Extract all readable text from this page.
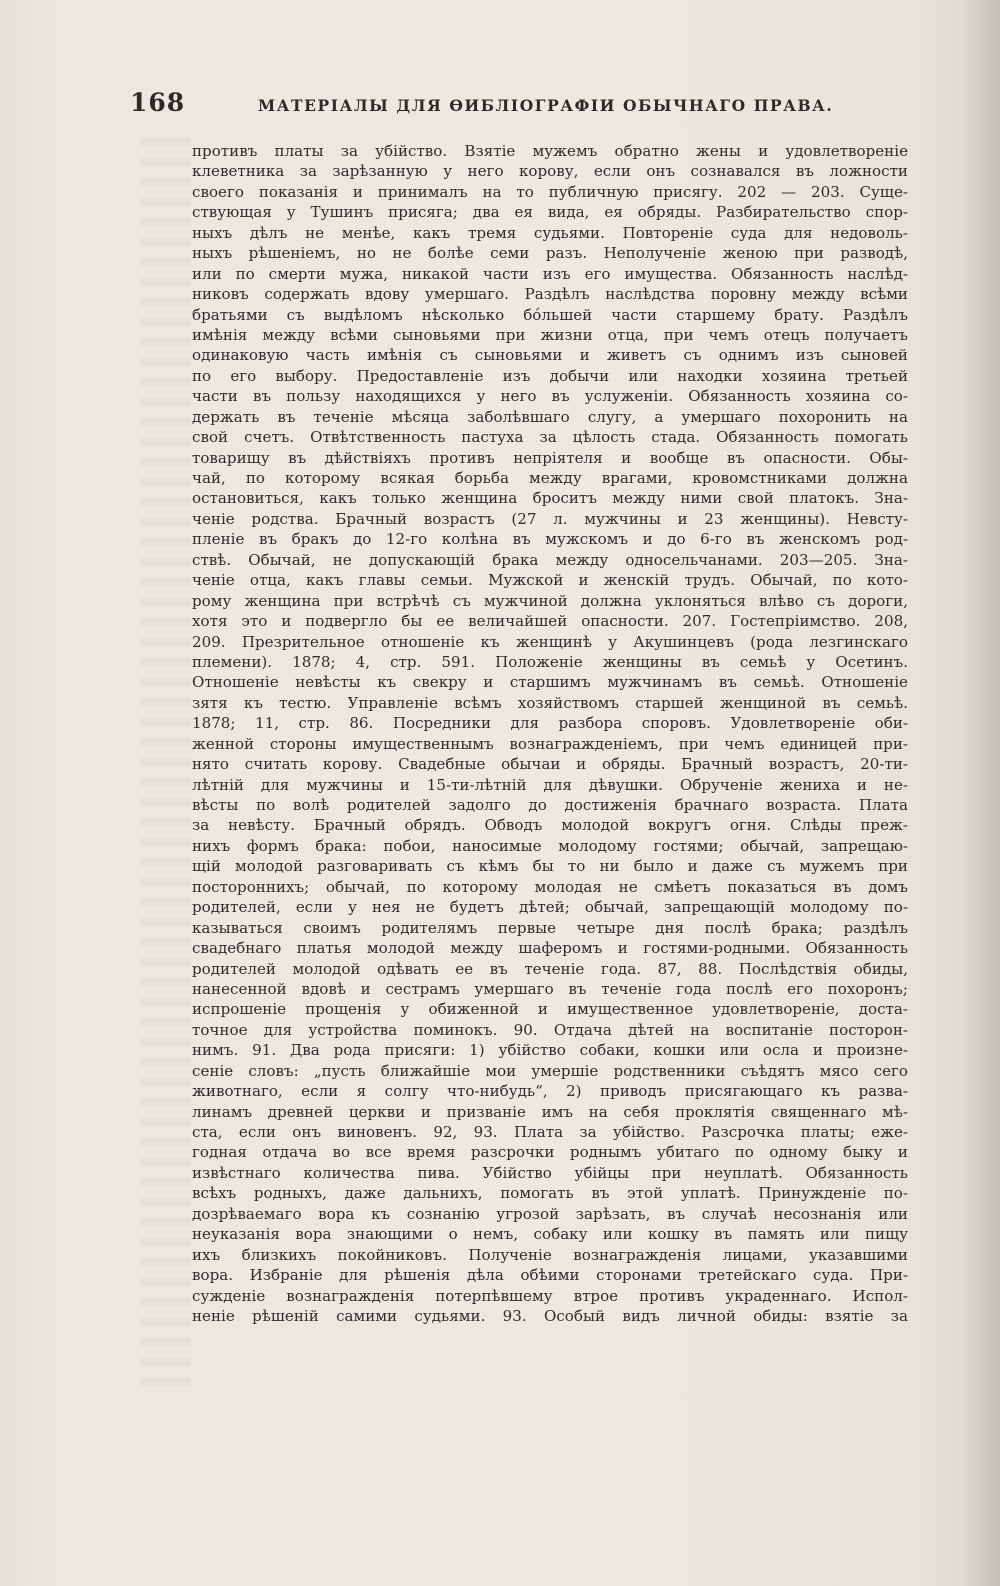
168	МАТЕРIАЛЫ ДЛЯ ѲИБЛIОГРАФIИ ОБЫЧНАГО ПРАВА.
противъ платы за убійство. Взятіе мужемъ обратно жены и удовлетвореніе
клеветника за зарѣзанную у него корову, если онъ сознавался въ ложности
своего показанія и принималъ на то публичную присягу. 202 — 203. Суще-
ствующая у Тушинъ присяга; два ея вида, ея обряды. Разбирательство спор-
ныхъ дѣлъ не менѣе, какъ тремя судьями. Повтореніе суда для недоволь-
ныхъ рѣшеніемъ, но не болѣе семи разъ. Неполученіе женою при разводѣ,
или по смерти мужа, никакой части изъ его имущества. Обязанность наслѣд-
никовъ содержать вдову умершаго. Раздѣлъ наслѣдства поровну между всѣми
братьями съ выдѣломъ нѣсколько бо́льшей части старшему брату. Раздѣлъ
имѣнія между всѣми сыновьями при жизни отца, при чемъ отецъ получаетъ
одинаковую часть имѣнія съ сыновьями и живетъ съ однимъ изъ сыновей
по его выбору. Предоставленіе изъ добычи или находки хозяина третьей
части въ пользу находящихся у него въ услуженіи. Обязанность хозяина со-
держать въ теченіе мѣсяца заболѣвшаго слугу, а умершаго похоронить на
свой счетъ. Отвѣтственность пастуха за цѣлость стада. Обязанность помогать
товарищу въ дѣйствіяхъ противъ непріятеля и вообще въ опасности. Обы-
чай, по которому всякая борьба между врагами, кровомстниками должна
остановиться, какъ только женщина броситъ между ними свой платокъ. Зна-
ченіе родства. Брачный возрастъ (27 л. мужчины и 23 женщины). Невсту-
пленіе въ бракъ до 12-го колѣна въ мужскомъ и до 6-го въ женскомъ род-
ствѣ. Обычай, не допускающій брака между односельчанами. 203—205. Зна-
ченіе отца, какъ главы семьи. Мужской и женскій трудъ. Обычай, по кото-
рому женщина при встрѣчѣ съ мужчиной должна уклоняться влѣво съ дороги,
хотя это и подвергло бы ее величайшей опасности. 207. Гостепріимство. 208,
209. Презрительное отношеніе къ женщинѣ у Акушинцевъ (рода лезгинскаго
племени). 1878; 4, стр. 591. Положеніе женщины въ семьѣ у Осетинъ.
Отношеніе невѣсты къ свекру и старшимъ мужчинамъ въ семьѣ. Отношеніе
зятя къ тестю. Управленіе всѣмъ хозяйствомъ старшей женщиной въ семьѣ.
1878; 11, стр. 86. Посредники для разбора споровъ. Удовлетвореніе оби-
женной стороны имущественнымъ вознагражденіемъ, при чемъ единицей при-
нято считать корову. Свадебные обычаи и обряды. Брачный возрастъ, 20-ти-
лѣтній для мужчины и 15-ти-лѣтній для дѣвушки. Обрученіе жениха и не-
вѣсты по волѣ родителей задолго до достиженія брачнаго возраста. Плата
за невѣсту. Брачный обрядъ. Обводъ молодой вокругъ огня. Слѣды преж-
нихъ формъ брака: побои, наносимые молодому гостями; обычай, запрещаю-
щій молодой разговаривать съ кѣмъ бы то ни было и даже съ мужемъ при
постороннихъ; обычай, по которому молодая не смѣетъ показаться въ домъ
родителей, если у нея не будетъ дѣтей; обычай, запрещающій молодому по-
казываться своимъ родителямъ первые четыре дня послѣ брака; раздѣлъ
свадебнаго платья молодой между шаферомъ и гостями-родными. Обязанность
родителей молодой одѣвать ее въ теченіе года. 87, 88. Послѣдствія обиды,
нанесенной вдовѣ и сестрамъ умершаго въ теченіе года послѣ его похоронъ;
испрошеніе прощенія у обиженной и имущественное удовлетвореніе, доста-
точное для устройства поминокъ. 90. Отдача дѣтей на воспитаніе посторон-
нимъ. 91. Два рода присяги: 1) убійство собаки, кошки или осла и произне-
сеніе словъ: „пусть ближайшіе мои умершіе родственники съѣдятъ мясо сего
животнаго, если я солгу что-нибудь“, 2) приводъ присягающаго къ разва-
линамъ древней церкви и призваніе имъ на себя проклятія священнаго мѣ-
ста, если онъ виновенъ. 92, 93. Плата за убійство. Разсрочка платы; еже-
годная отдача во все время разсрочки роднымъ убитаго по одному быку и
извѣстнаго количества пива. Убійство убійцы при неуплатѣ. Обязанность
всѣхъ родныхъ, даже дальнихъ, помогать въ этой уплатѣ. Принужденіе по-
дозрѣваемаго вора къ сознанію угрозой зарѣзать, въ случаѣ несознанія или
неуказанія вора знающими о немъ, собаку или кошку въ память или пищу
ихъ близкихъ покойниковъ. Полученіе вознагражденія лицами, указавшими
вора. Избраніе для рѣшенія дѣла обѣими сторонами третейскаго суда. При-
сужденіе вознагражденія потерпѣвшему втрое противъ украденнаго. Испол-
неніе рѣшеній самими судьями. 93. Особый видъ личной обиды: взятіе за
